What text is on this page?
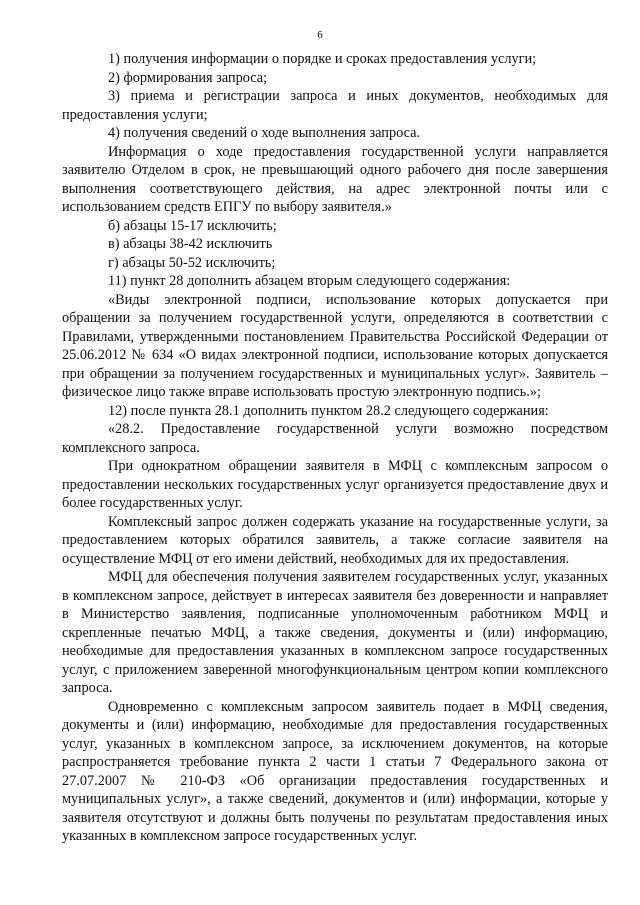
6

1) получения информации о порядке и сроках предоставления услуги;

2) формирования запроса;

3) приема и регистрации запроса и иных документов, необходимых для предоставления услуги;

4) получения сведений о ходе выполнения запроса.

Информация о ходе предоставления государственной услуги направляется заявителю Отделом в срок, не превышающий одного рабочего дня после завершения выполнения соответствующего действия, на адрес электронной почты или с использованием средств ЕПГУ по выбору заявителя.»

б) абзацы 15-17 исключить;

в) абзацы 38-42 исключить

г) абзацы 50-52 исключить;

11) пункт 28 дополнить абзацем вторым следующего содержания:

«Виды электронной подписи, использование которых допускается при обращении за получением государственной услуги, определяются в соответствии с Правилами, утвержденными постановлением Правительства Российской Федерации от 25.06.2012 № 634 «О видах электронной подписи, использование которых допускается при обращении за получением государственных и муниципальных услуг». Заявитель – физическое лицо также вправе использовать простую электронную подпись.»;

12) после пункта 28.1 дополнить пунктом 28.2 следующего содержания:

«28.2. Предоставление государственной услуги возможно посредством комплексного запроса.

При однократном обращении заявителя в МФЦ с комплексным запросом о предоставлении нескольких государственных услуг организуется предоставление двух и более государственных услуг.

Комплексный запрос должен содержать указание на государственные услуги, за предоставлением которых обратился заявитель, а также согласие заявителя на осуществление МФЦ от его имени действий, необходимых для их предоставления.

МФЦ для обеспечения получения заявителем государственных услуг, указанных в комплексном запросе, действует в интересах заявителя без доверенности и направляет в Министерство заявления, подписанные уполномоченным работником МФЦ и скрепленные печатью МФЦ, а также сведения, документы и (или) информацию, необходимые для предоставления указанных в комплексном запросе государственных услуг, с приложением заверенной многофункциональным центром копии комплексного запроса.

Одновременно с комплексным запросом заявитель подает в МФЦ сведения, документы и (или) информацию, необходимые для предоставления государственных услуг, указанных в комплексном запросе, за исключением документов, на которые распространяется требование пункта 2 части 1 статьи 7 Федерального закона от 27.07.2007 № 210-ФЗ «Об организации предоставления государственных и муниципальных услуг», а также сведений, документов и (или) информации, которые у заявителя отсутствуют и должны быть получены по результатам предоставления иных указанных в комплексном запросе государственных услуг.
